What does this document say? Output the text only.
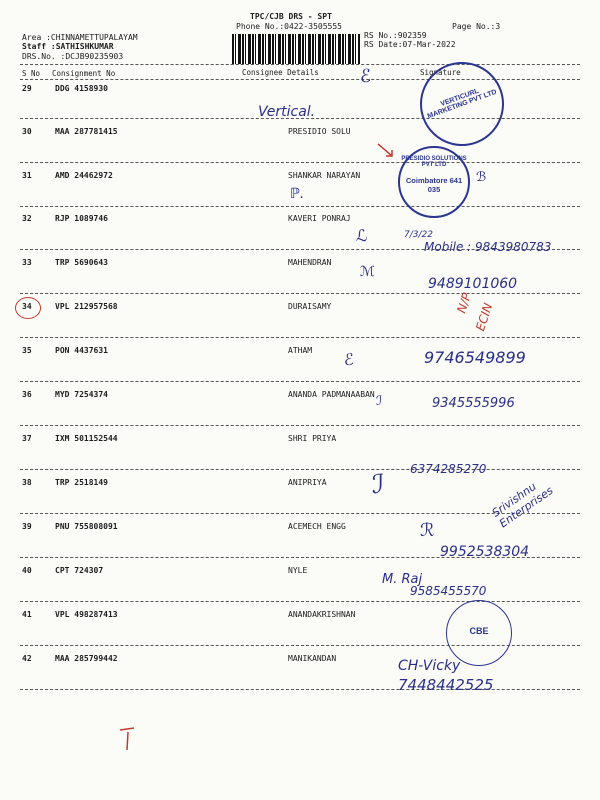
TPC/CJB DRS - SPT
Phone No.:0422-3505555
Area :CHINNAMETTUPALAYAM
Staff :SATHISHKUMAR
DRS.No. :DCJB90235903
RS No.:902359
RS Date:07-Mar-2022
Page No.:3
S No Consignment No	Consignee Details	Signature
29	DDG 4158930
30	MAA 287781415	PRESIDIO SOLU
31	AMD 24462972	SHANKAR NARAYAN
32	RJP 1089746	KAVERI PONRAJ
33	TRP 5690643	MAHENDRAN
34	VPL 212957568	DURAISAMY
35	PON 4437631	ATHAM
36	MYD 7254374	ANANDA PADMANAABAN
37	IXM 501152544	SHRI PRIYA
38	TRP 2518149	ANIPRIYA
39	PNU 755808091	ACEMECH ENGG
40	CPT 724307	NYLE
41	VPL 498287413	ANANDAKRISHNAN
42	MAA 285799442	MANIKANDAN
VERTICURL MARKETING PVT LTD
PRESIDIO SOLUTIONS PVT LTD
Coimbatore 641 035
CBE
Vertical.
ℰ
ℬ
ℙ.
ℒ	7/3/22
Mobile : 9843980783
ℳ
9489101060
N/P ECIN
ℰ	9746549899
ℐ	9345555996
6374285270
ℐ	Srivishnu Enterprises
ℛ
9952538304
M. Raj
9585455570
CH-Vicky
7448442525
